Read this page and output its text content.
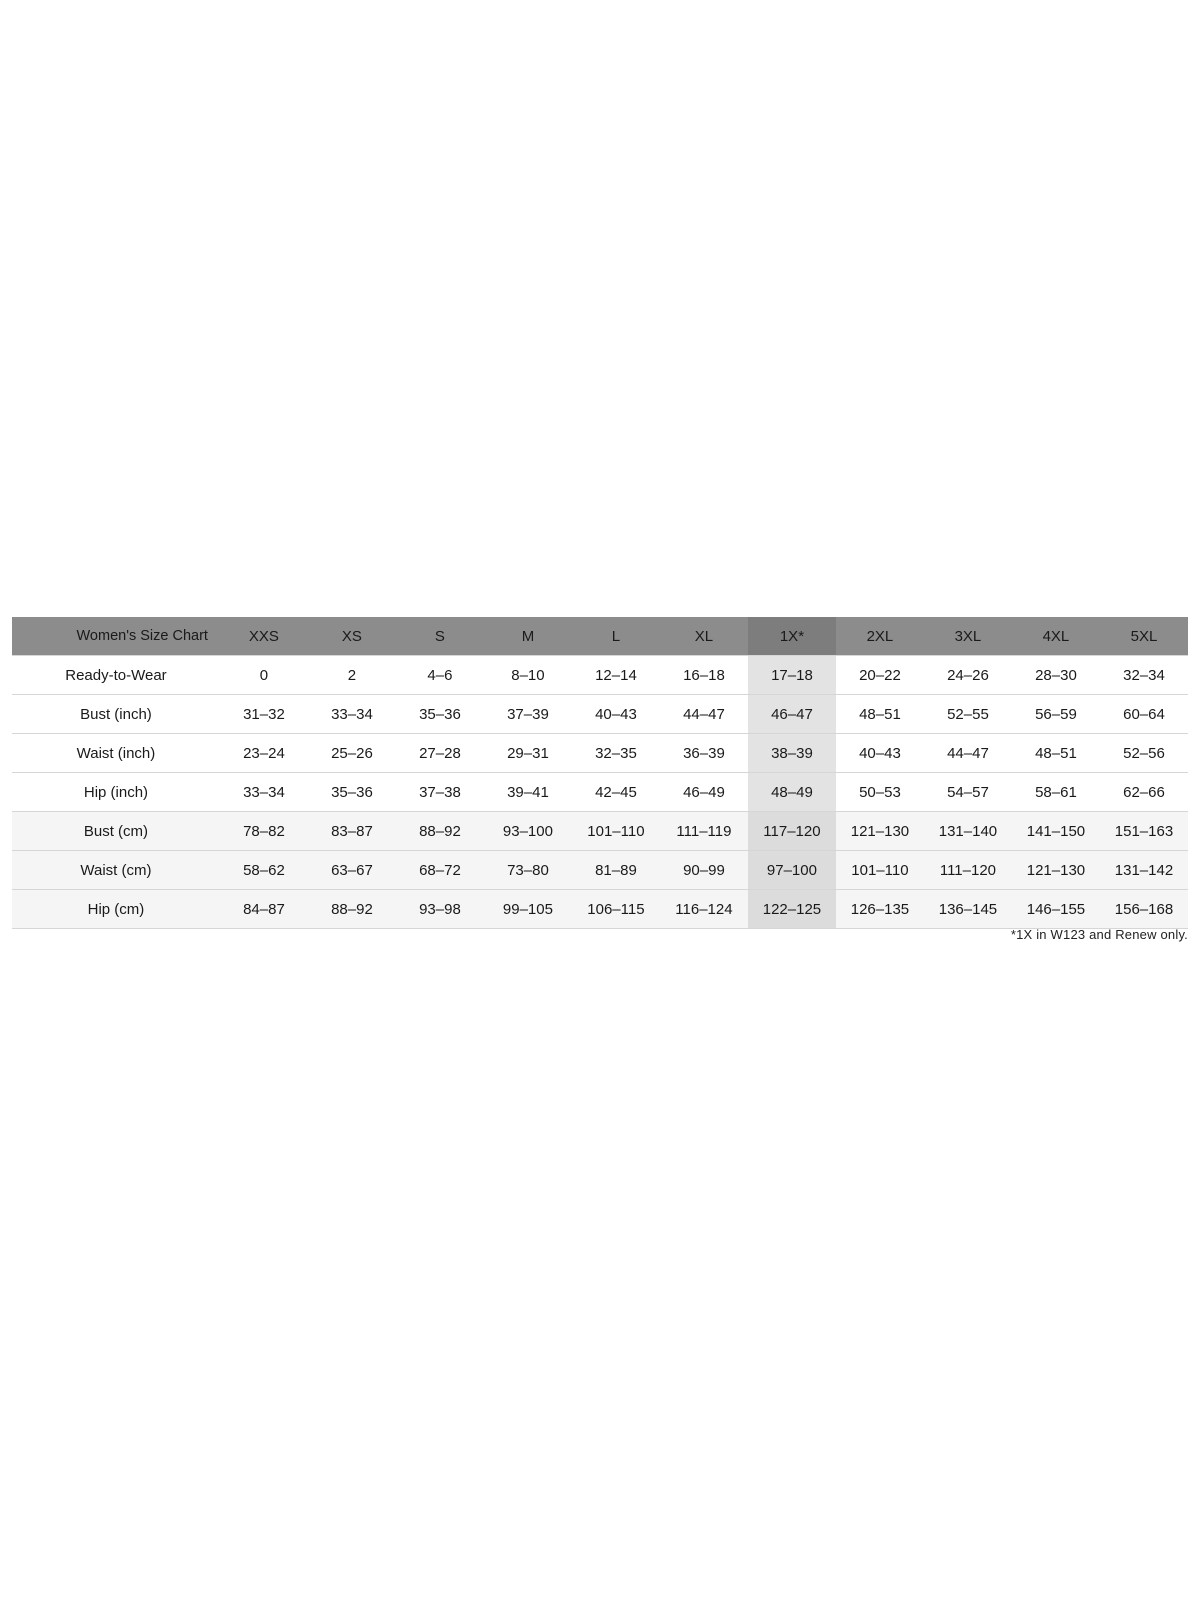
Women's Size Chart	XXS	XS	S	M	L	XL	1X*	2XL	3XL	4XL	5XL
Ready-to-Wear	0	2	4–6	8–10	12–14	16–18	17–18	20–22	24–26	28–30	32–34
Bust (inch)	31–32	33–34	35–36	37–39	40–43	44–47	46–47	48–51	52–55	56–59	60–64
Waist (inch)	23–24	25–26	27–28	29–31	32–35	36–39	38–39	40–43	44–47	48–51	52–56
Hip (inch)	33–34	35–36	37–38	39–41	42–45	46–49	48–49	50–53	54–57	58–61	62–66
Bust (cm)	78–82	83–87	88–92	93–100	101–110	111–119	117–120	121–130	131–140	141–150	151–163
Waist (cm)	58–62	63–67	68–72	73–80	81–89	90–99	97–100	101–110	111–120	121–130	131–142
Hip (cm)	84–87	88–92	93–98	99–105	106–115	116–124	122–125	126–135	136–145	146–155	156–168
*1X in W123 and Renew only.
